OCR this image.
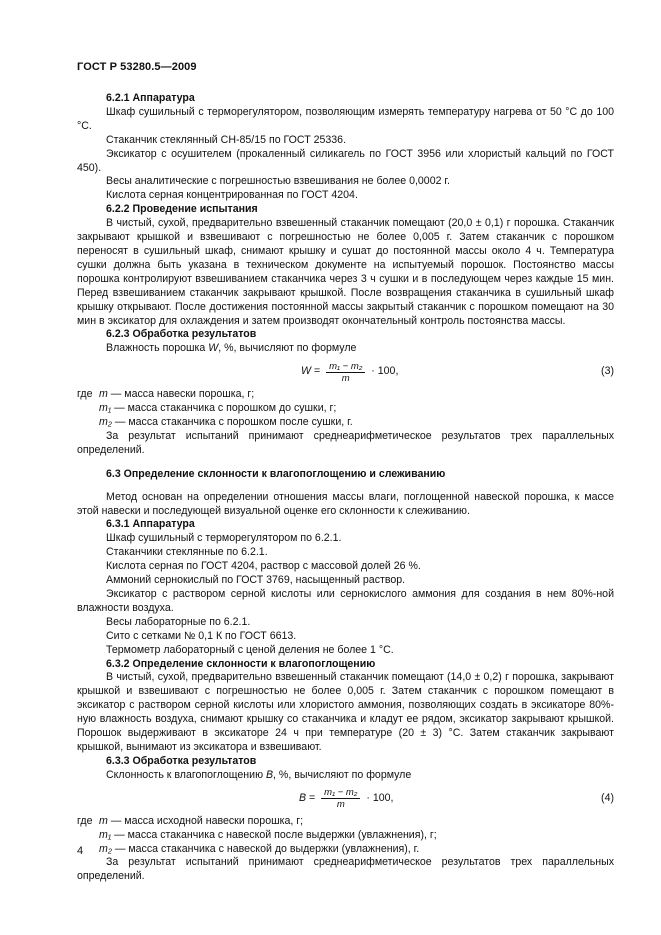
ГОСТ Р 53280.5—2009

6.2.1 Аппаратура

Шкаф сушильный с терморегулятором, позволяющим измерять температуру нагрева от 50 °С до 100 °С.

Стаканчик стеклянный СН-85/15 по ГОСТ 25336.

Эксикатор с осушителем (прокаленный силикагель по ГОСТ 3956 или хлористый кальций по ГОСТ 450).

Весы аналитические с погрешностью взвешивания не более 0,0002 г.

Кислота серная концентрированная по ГОСТ 4204.

6.2.2 Проведение испытания

В чистый, сухой, предварительно взвешенный стаканчик помещают (20,0 ± 0,1) г порошка. Стаканчик закрывают крышкой и взвешивают с погрешностью не более 0,005 г. Затем стаканчик с порошком переносят в сушильный шкаф, снимают крышку и сушат до постоянной массы около 4 ч. Температура сушки должна быть указана в техническом документе на испытуемый порошок. Постоянство массы порошка контролируют взвешиванием стаканчика через 3 ч сушки и в последующем через каждые 15 мин. Перед взвешиванием стаканчик закрывают крышкой. После возвращения стаканчика в сушильный шкаф крышку открывают. После достижения постоянной массы закрытый стаканчик с порошком помещают на 30 мин в эксикатор для охлаждения и затем производят окончательный контроль постоянства массы.

6.2.3 Обработка результатов

Влажность порошка W, %, вычисляют по формуле

$W = \frac{\text{m₁ − m₂}}{m} \cdot 100$,	(3)
где m — масса навески порошка, г;

m₁ — масса стаканчика с порошком до сушки, г;

m₂ — масса стаканчика с порошком после сушки, г.

За результат испытаний принимают среднеарифметическое результатов трех параллельных определений.

6.3 Определение склонности к влагопоглощению и слеживанию

Метод основан на определении отношения массы влаги, поглощенной навеской порошка, к массе этой навески и последующей визуальной оценке его склонности к слеживанию.

6.3.1 Аппаратура

Шкаф сушильный с терморегулятором по 6.2.1.

Стаканчики стеклянные по 6.2.1.

Кислота серная по ГОСТ 4204, раствор с массовой долей 26 %.

Аммоний сернокислый по ГОСТ 3769, насыщенный раствор.

Эксикатор с раствором серной кислоты или сернокислого аммония для создания в нем 80%-ной влажности воздуха.

Весы лабораторные по 6.2.1.

Сито с сетками № 0,1 К по ГОСТ 6613.

Термометр лабораторный с ценой деления не более 1 °С.

6.3.2 Определение склонности к влагопоглощению

В чистый, сухой, предварительно взвешенный стаканчик помещают (14,0 ± 0,2) г порошка, закрывают крышкой и взвешивают с погрешностью не более 0,005 г. Затем стаканчик с порошком помещают в эксикатор с раствором серной кислоты или хлористого аммония, позволяющих создать в эксикаторе 80%-ную влажность воздуха, снимают крышку со стаканчика и кладут ее рядом, эксикатор закрывают крышкой. Порошок выдерживают в эксикаторе 24 ч при температуре (20 ± 3) °С. Затем стаканчик закрывают крышкой, вынимают из эксикатора и взвешивают.

6.3.3 Обработка результатов

Склонность к влагопоглощению В, %, вычисляют по формуле

$В = \frac{\text{m₁ − m₂}}{m} \cdot 100$,	(4)
где m — масса исходной навески порошка, г;

m₁ — масса стаканчика с навеской после выдержки (увлажнения), г;

m₂ — масса стаканчика с навеской до выдержки (увлажнения), г.

За результат испытаний принимают среднеарифметическое результатов трех параллельных определений.

4
